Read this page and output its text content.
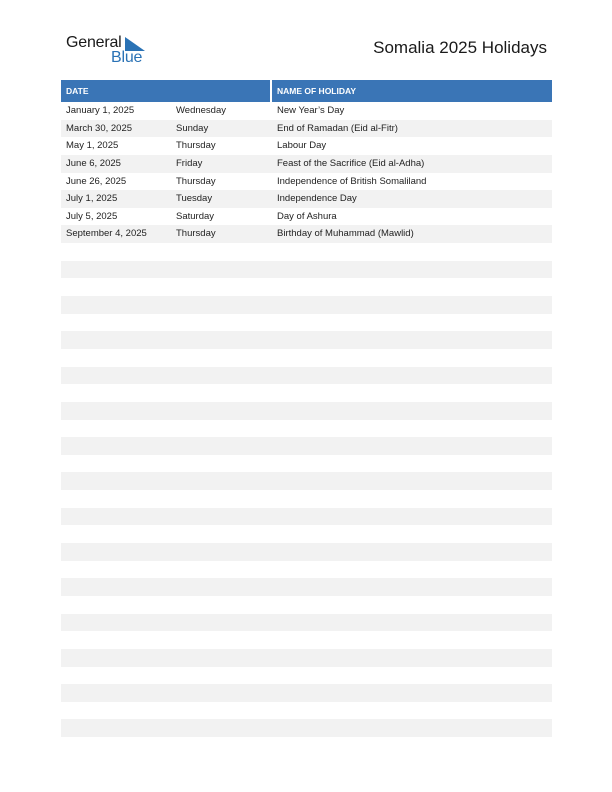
General
Blue
Somalia 2025 Holidays
DATE	NAME OF HOLIDAY
January 1, 2025	Wednesday	New Year’s Day
March 30, 2025	Sunday	End of Ramadan (Eid al-Fitr)
May 1, 2025	Thursday	Labour Day
June 6, 2025	Friday	Feast of the Sacrifice (Eid al-Adha)
June 26, 2025	Thursday	Independence of British Somaliland
July 1, 2025	Tuesday	Independence Day
July 5, 2025	Saturday	Day of Ashura
September 4, 2025	Thursday	Birthday of Muhammad (Mawlid)
